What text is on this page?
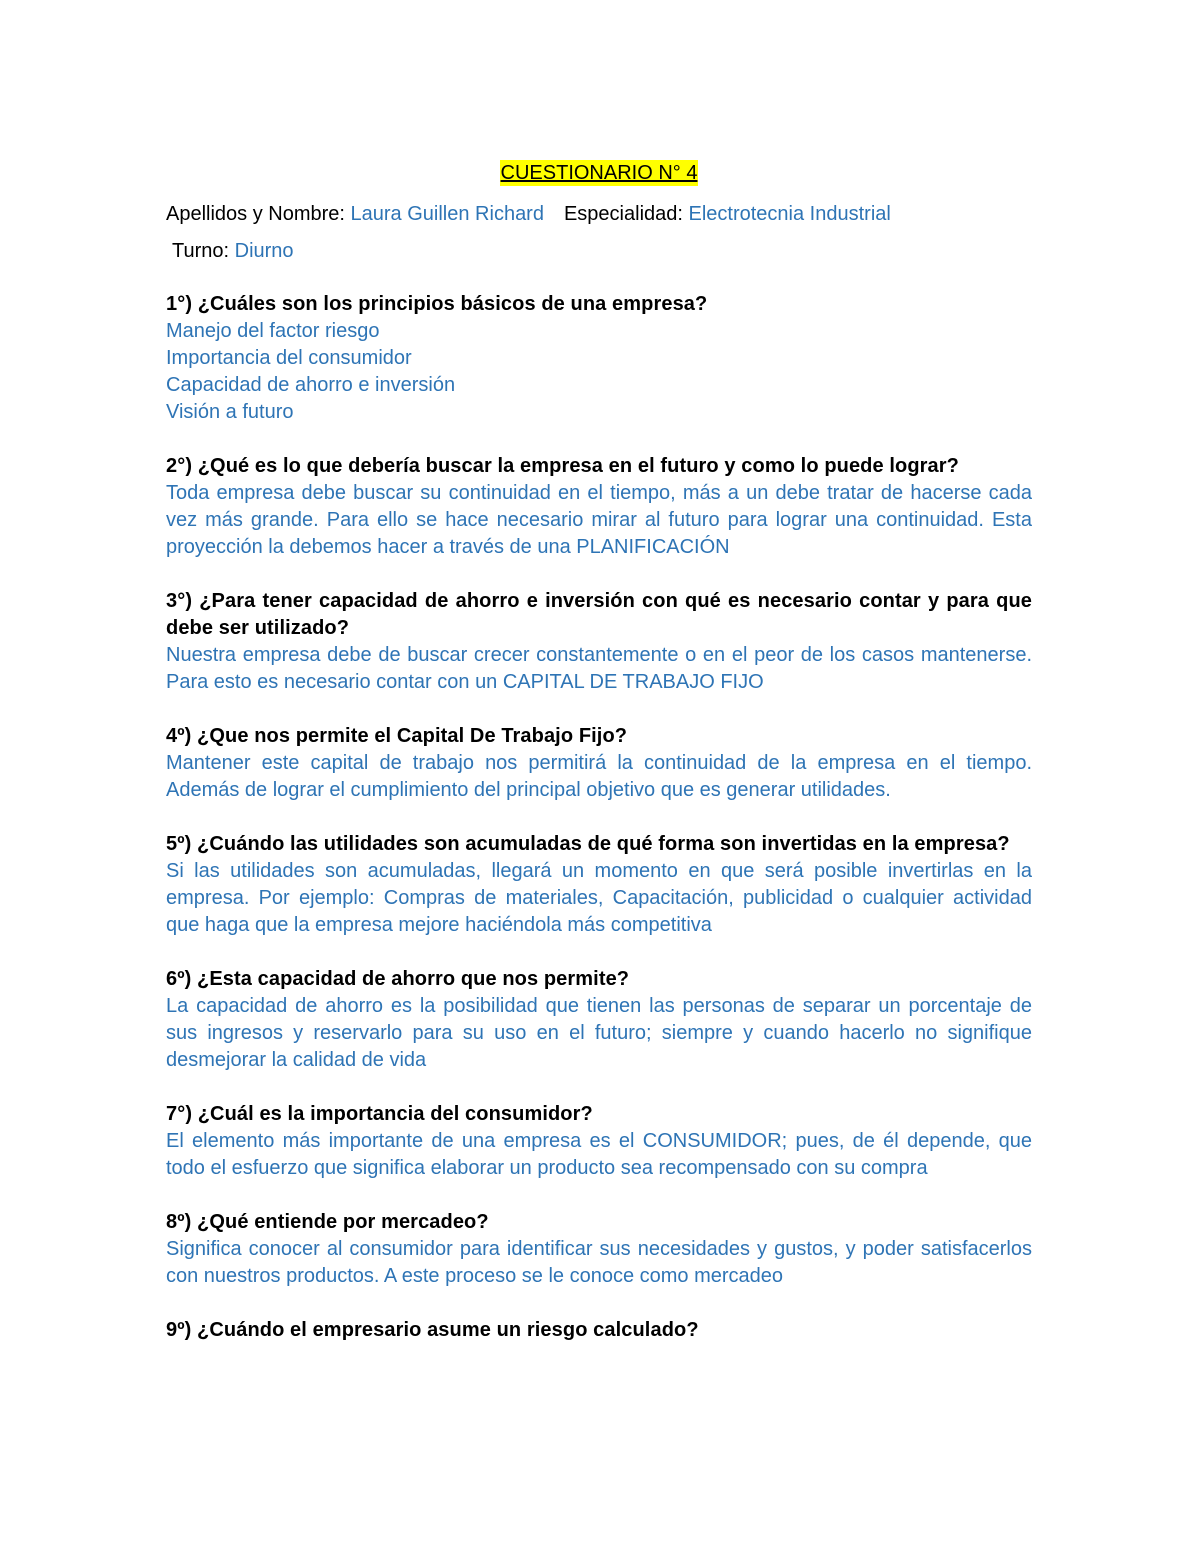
CUESTIONARIO N° 4

Apellidos y Nombre: Laura Guillen Richard Especialidad: Electrotecnia Industrial

Turno: Diurno

1°) ¿Cuáles son los principios básicos de una empresa?

Manejo del factor riesgo
Importancia del consumidor
Capacidad de ahorro e inversión
Visión a futuro

2°) ¿Qué es lo que debería buscar la empresa en el futuro y como lo puede lograr?

Toda empresa debe buscar su continuidad en el tiempo, más a un debe tratar de hacerse cada vez más grande. Para ello se hace necesario mirar al futuro para lograr una continuidad. Esta proyección la debemos hacer a través de una PLANIFICACIÓN

3°) ¿Para tener capacidad de ahorro e inversión con qué es necesario contar y para que debe ser utilizado?

Nuestra empresa debe de buscar crecer constantemente o en el peor de los casos mantenerse. Para esto es necesario contar con un CAPITAL DE TRABAJO FIJO

4º) ¿Que nos permite el Capital De Trabajo Fijo?

Mantener este capital de trabajo nos permitirá la continuidad de la empresa en el tiempo. Además de lograr el cumplimiento del principal objetivo que es generar utilidades.

5º) ¿Cuándo las utilidades son acumuladas de qué forma son invertidas en la empresa?

Si las utilidades son acumuladas, llegará un momento en que será posible invertirlas en la empresa. Por ejemplo: Compras de materiales, Capacitación, publicidad o cualquier actividad que haga que la empresa mejore haciéndola más competitiva

6º) ¿Esta capacidad de ahorro que nos permite?

La capacidad de ahorro es la posibilidad que tienen las personas de separar un porcentaje de sus ingresos y reservarlo para su uso en el futuro; siempre y cuando hacerlo no signifique desmejorar la calidad de vida

7°) ¿Cuál es la importancia del consumidor?

El elemento más importante de una empresa es el CONSUMIDOR; pues, de él depende, que todo el esfuerzo que significa elaborar un producto sea recompensado con su compra

8º) ¿Qué entiende por mercadeo?

Significa conocer al consumidor para identificar sus necesidades y gustos, y poder satisfacerlos con nuestros productos. A este proceso se le conoce como mercadeo

9º) ¿Cuándo el empresario asume un riesgo calculado?
